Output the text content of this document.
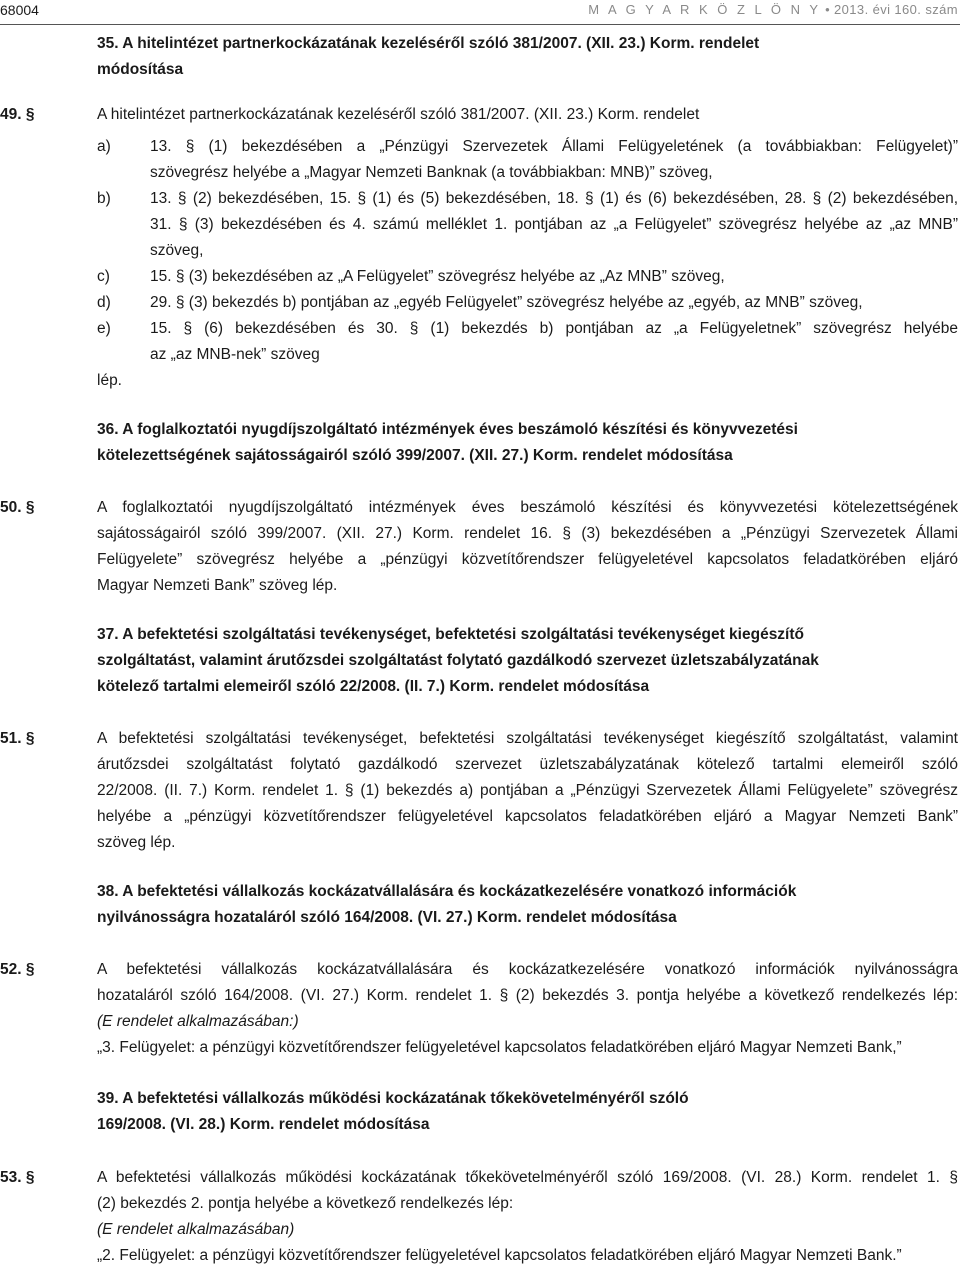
68004	M A G Y A R K Ö Z L Ö N Y • 2013. évi 160. szám
35. A hitelintézet partnerkockázatának kezeléséről szóló 381/2007. (XII. 23.) Korm. rendelet
módosítása
49. §	A hitelintézet partnerkockázatának kezeléséről szóló 381/2007. (XII. 23.) Korm. rendelet
a)	13. § (1) bekezdésében a „Pénzügyi Szervezetek Állami Felügyeletének (a továbbiakban: Felügyelet)”
szövegrész helyébe a „Magyar Nemzeti Banknak (a továbbiakban: MNB)” szöveg,
b)	13. § (2) bekezdésében, 15. § (1) és (5) bekezdésében, 18. § (1) és (6) bekezdésében, 28. § (2) bekezdésében,
31. § (3) bekezdésében és 4. számú melléklet 1. pontjában az „a Felügyelet” szövegrész helyébe az „az MNB”
szöveg,
c)	15. § (3) bekezdésében az „A Felügyelet” szövegrész helyébe az „Az MNB” szöveg,
d)	29. § (3) bekezdés b) pontjában az „egyéb Felügyelet” szövegrész helyébe az „egyéb, az MNB” szöveg,
e)	15. § (6) bekezdésében és 30. § (1) bekezdés b) pontjában az „a Felügyeletnek” szövegrész helyébe
az „az MNB-nek” szöveg
lép.
36. A foglalkoztatói nyugdíjszolgáltató intézmények éves beszámoló készítési és könyvvezetési
kötelezettségének sajátosságairól szóló 399/2007. (XII. 27.) Korm. rendelet módosítása
50. §	A foglalkoztatói nyugdíjszolgáltató intézmények éves beszámoló készítési és könyvvezetési kötelezettségének
sajátosságairól szóló 399/2007. (XII. 27.) Korm. rendelet 16. § (3) bekezdésében a „Pénzügyi Szervezetek Állami
Felügyelete” szövegrész helyébe a „pénzügyi közvetítőrendszer felügyeletével kapcsolatos feladatkörében eljáró
Magyar Nemzeti Bank” szöveg lép.
37. A befektetési szolgáltatási tevékenységet, befektetési szolgáltatási tevékenységet kiegészítő
szolgáltatást, valamint árutőzsdei szolgáltatást folytató gazdálkodó szervezet üzletszabályzatának
kötelező tartalmi elemeiről szóló 22/2008. (II. 7.) Korm. rendelet módosítása
51. §	A befektetési szolgáltatási tevékenységet, befektetési szolgáltatási tevékenységet kiegészítő szolgáltatást, valamint
árutőzsdei szolgáltatást folytató gazdálkodó szervezet üzletszabályzatának kötelező tartalmi elemeiről szóló
22/2008. (II. 7.) Korm. rendelet 1. § (1) bekezdés a) pontjában a „Pénzügyi Szervezetek Állami Felügyelete” szövegrész
helyébe a „pénzügyi közvetítőrendszer felügyeletével kapcsolatos feladatkörében eljáró a Magyar Nemzeti Bank”
szöveg lép.
38. A befektetési vállalkozás kockázatvállalására és kockázatkezelésére vonatkozó információk
nyilvánosságra hozataláról szóló 164/2008. (VI. 27.) Korm. rendelet módosítása
52. §	A befektetési vállalkozás kockázatvállalására és kockázatkezelésére vonatkozó információk nyilvánosságra
hozataláról szóló 164/2008. (VI. 27.) Korm. rendelet 1. § (2) bekezdés 3. pontja helyébe a következő rendelkezés lép:
(E rendelet alkalmazásában:)
„3. Felügyelet: a pénzügyi közvetítőrendszer felügyeletével kapcsolatos feladatkörében eljáró Magyar Nemzeti Bank,”
39. A befektetési vállalkozás működési kockázatának tőkekövetelményéről szóló
169/2008. (VI. 28.) Korm. rendelet módosítása
53. §	A befektetési vállalkozás működési kockázatának tőkekövetelményéről szóló 169/2008. (VI. 28.) Korm. rendelet 1. §
(2) bekezdés 2. pontja helyébe a következő rendelkezés lép:
(E rendelet alkalmazásában)
„2. Felügyelet: a pénzügyi közvetítőrendszer felügyeletével kapcsolatos feladatkörében eljáró Magyar Nemzeti Bank.”
